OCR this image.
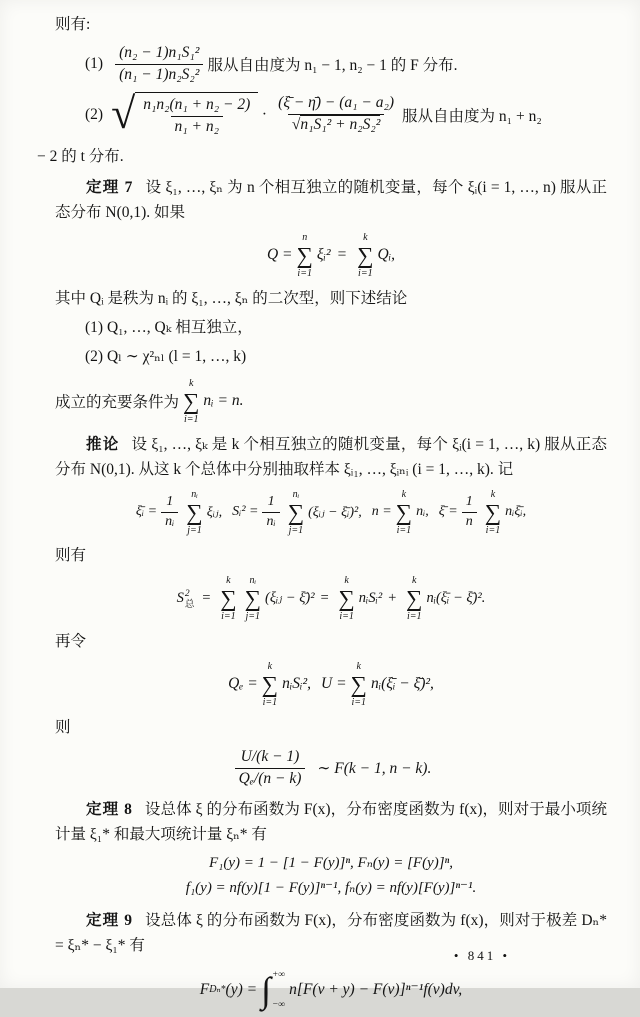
则有:

$(1) \frac{\text{(n₂ − 1)n₁S₁²}}{\text{(n₁ − 1)n₂S₂²}}$ 服从自由度为 n₁ − 1, n₂ − 1 的 F 分布.
(2) √ $\frac{\text{n₁n₂(n₁ + n₂ − 2)}}{\text{n₁ + n₂}} \cdot \frac{\text{(ξ̄ − η̄) − (a₁ − a₂)}}{\text{√n₁S₁² + n₂S₂²}}$ 服从自由度为 n₁ + n₂
− 2 的 t 分布.

定理 7 设 ξ₁, …, ξₙ 为 n 个相互独立的随机变量，每个 ξᵢ(i = 1, …, n) 服从正态分布 N(0,1). 如果

Q =
n
∑
i=1
ξᵢ² =
k
∑
i=1
Qᵢ,

其中 Qᵢ 是秩为 nᵢ 的 ξ₁, …, ξₙ 的二次型，则下述结论

(1) Q₁, …, Qₖ 相互独立，

(2) Qₗ ∼ χ²ₙₗ (l = 1, …, k)

成立的充要条件为
k
∑
i=1
nᵢ = n.

推论 设 ξ₁, …, ξₖ 是 k 个相互独立的随机变量，每个 ξᵢ(i = 1, …, k) 服从正态分布 N(0,1). 从这 k 个总体中分别抽取样本 ξᵢ₁, …, ξᵢₙᵢ (i = 1, …, k). 记

ξ̄ᵢ = $\frac{1}{\text{nᵢ}}$ nᵢ
∑
j=1
ξᵢⱼ, Sᵢ² = $\frac{1}{\text{nᵢ}}$ nᵢ
∑
j=1
(ξᵢⱼ − ξ̄ᵢ)², n =
k
∑
i=1
nᵢ, ξ̄ = $\frac{1}{n}$ k
∑
i=1
nᵢξ̄ᵢ,

则有

S 2
总 =
k
∑
i=1
nᵢ
∑
j=1
(ξᵢⱼ − ξ̄)² =
k
∑
i=1
nᵢSᵢ² +
k
∑
i=1
nᵢ(ξ̄ᵢ − ξ̄)².

再令

Qₑ =
k
∑
i=1
nᵢSᵢ², U =
k
∑
i=1
nᵢ(ξ̄ᵢ − ξ̄)²,

则

$\frac{U/(k - 1)}{\text{Qₑ/(n − k)}}$ ∼ F(k − 1, n − k).

定理 8 设总体 ξ 的分布函数为 F(x)，分布密度函数为 f(x)，则对于最小项统计量 ξ₁* 和最大项统计量 ξₙ* 有

F₁(y) = 1 − [1 − F(y)]ⁿ, Fₙ(y) = [F(y)]ⁿ,

f₁(y) = nf(y)[1 − F(y)]ⁿ⁻¹, fₙ(y) = nf(y)[F(y)]ⁿ⁻¹.

定理 9 设总体 ξ 的分布函数为 F(x)，分布密度函数为 f(x)，则对于极差 Dₙ* = ξₙ* − ξ₁* 有

F Dₙ* (y) = ∫ +∞
−∞
n[F(v + y) − F(v)]ⁿ⁻¹f(v)dv,
• 841 •
